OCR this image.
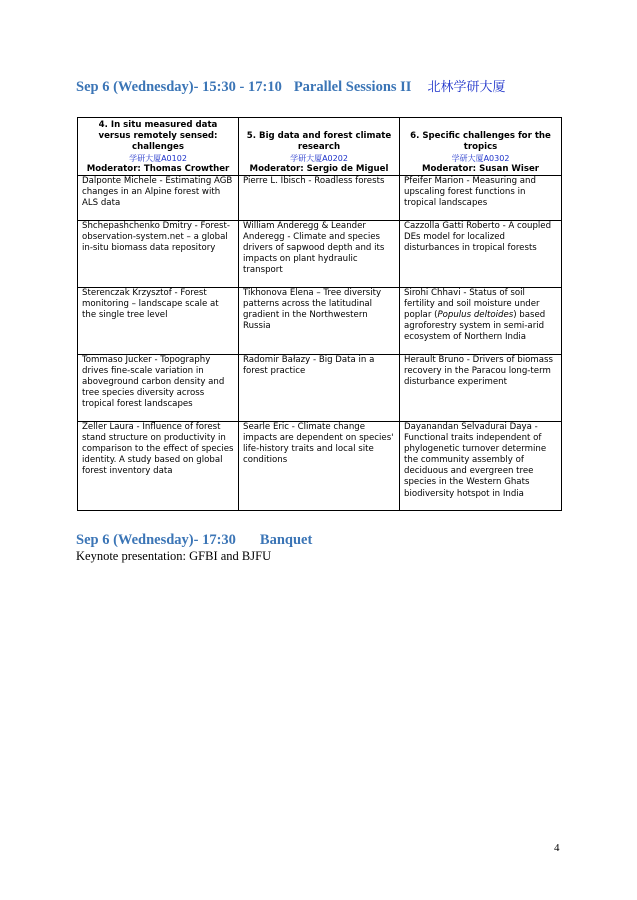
Sep 6 (Wednesday)- 15:30 - 17:10 Parallel Sessions II 北林学研大厦
4. In situ measured data versus remotely sensed: challenges
学研大厦A0102
Moderator: Thomas Crowther	5. Big data and forest climate research
学研大厦A0202
Moderator: Sergio de Miguel	6. Specific challenges for the tropics
学研大厦A0302
Moderator: Susan Wiser

Dalponte Michele - Estimating AGB changes in an Alpine forest with ALS data	Pierre L. Ibisch - Roadless forests	Pfeifer Marion - Measuring and upscaling forest functions in tropical landscapes
Shchepashchenko Dmitry - Forest-observation-system.net – a global in-situ biomass data repository	William Anderegg & Leander Anderegg - Climate and species drivers of sapwood depth and its impacts on plant hydraulic transport	Cazzolla Gatti Roberto - A coupled DEs model for localized disturbances in tropical forests
Sterenczak Krzysztof - Forest monitoring – landscape scale at the single tree level	Tikhonova Elena – Tree diversity patterns across the latitudinal gradient in the Northwestern Russia	Sirohi Chhavi - Status of soil fertility and soil moisture under poplar (Populus deltoides) based agroforestry system in semi-arid ecosystem of Northern India
Tommaso Jucker - Topography drives fine-scale variation in aboveground carbon density and tree species diversity across tropical forest landscapes	Radomir Bałazy - Big Data in a forest practice	Herault Bruno - Drivers of biomass recovery in the Paracou long-term disturbance experiment
Zeller Laura - Influence of forest stand structure on productivity in comparison to the effect of species identity. A study based on global forest inventory data	Searle Eric - Climate change impacts are dependent on species' life-history traits and local site conditions	Dayanandan Selvadurai Daya - Functional traits independent of phylogenetic turnover determine the community assembly of deciduous and evergreen tree species in the Western Ghats biodiversity hotspot in India
Sep 6 (Wednesday)- 17:30 Banquet
Keynote presentation: GFBI and BJFU
4
